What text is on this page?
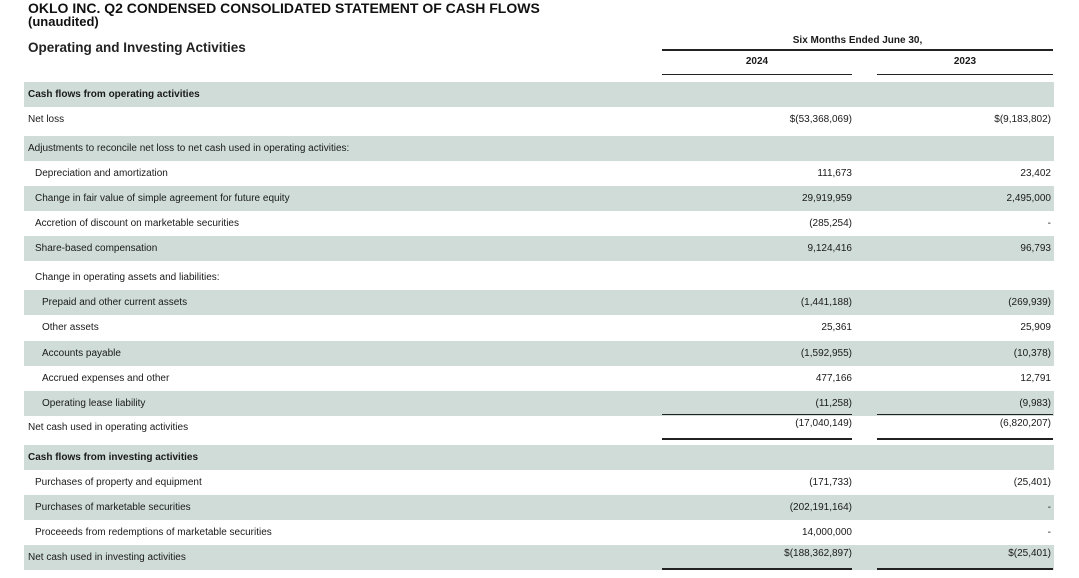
OKLO INC. Q2 CONDENSED CONSOLIDATED STATEMENT OF CASH FLOWS
(unaudited)
Operating and Investing Activities	Six Months Ended June 30,
2024	2023
Cash flows from operating activities
Net loss	$(53,368,069)	$(9,183,802)
Adjustments to reconcile net loss to net cash used in operating activities:
Depreciation and amortization	111,673	23,402
Change in fair value of simple agreement for future equity	29,919,959	2,495,000
Accretion of discount on marketable securities	(285,254)	-
Share-based compensation	9,124,416	96,793
Change in operating assets and liabilities:
Prepaid and other current assets	(1,441,188)	(269,939)
Other assets	25,361	25,909
Accounts payable	(1,592,955)	(10,378)
Accrued expenses and other	477,166	12,791
Operating lease liability	(11,258)	(9,983)
Net cash used in operating activities	(17,040,149)	(6,820,207)
Cash flows from investing activities
Purchases of property and equipment	(171,733)	(25,401)
Purchases of marketable securities	(202,191,164)	-
Proceeeds from redemptions of marketable securities	14,000,000	-
Net cash used in investing activities	$(188,362,897)	$(25,401)
